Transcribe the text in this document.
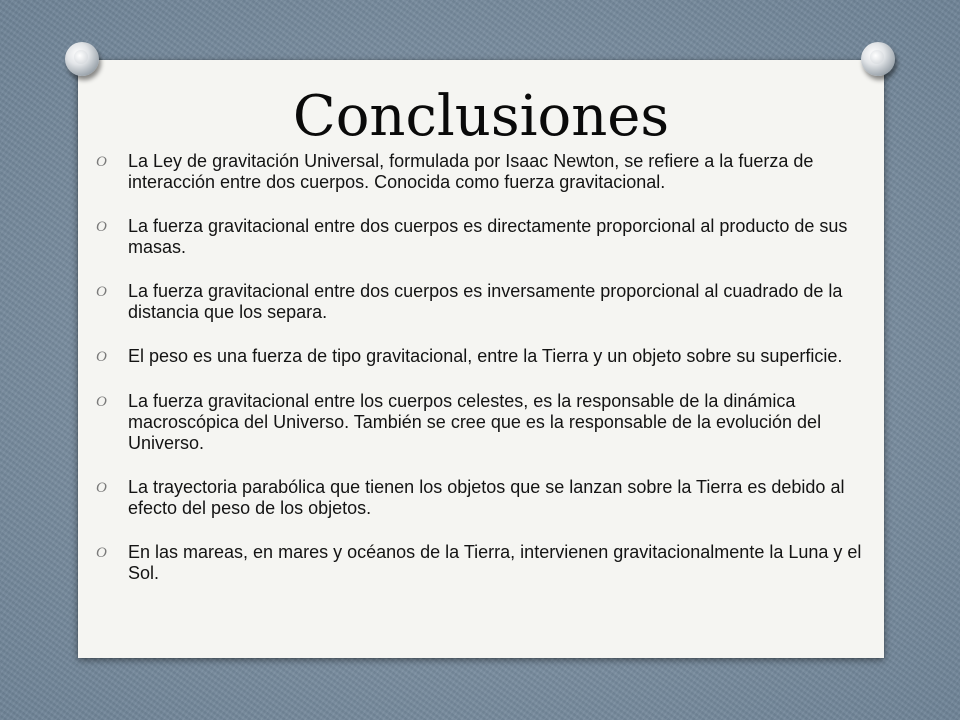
Conclusiones
O	La Ley de gravitación Universal, formulada por Isaac Newton, se refiere a la fuerza de interacción entre dos cuerpos. Conocida como fuerza gravitacional.
O	La fuerza gravitacional entre dos cuerpos es directamente proporcional al producto de sus masas.
O	La fuerza gravitacional entre dos cuerpos es inversamente proporcional al cuadrado de la distancia que los separa.
O	El peso es una fuerza de tipo gravitacional, entre la Tierra y un objeto sobre su superficie.
O	La fuerza gravitacional entre los cuerpos celestes, es la responsable de la dinámica macroscópica del Universo. También se cree que es la responsable de la evolución del Universo.
O	La trayectoria parabólica que tienen los objetos que se lanzan sobre la Tierra es debido al efecto del peso de los objetos.
O	En las mareas, en mares y océanos de la Tierra, intervienen gravitacionalmente la Luna y el Sol.
